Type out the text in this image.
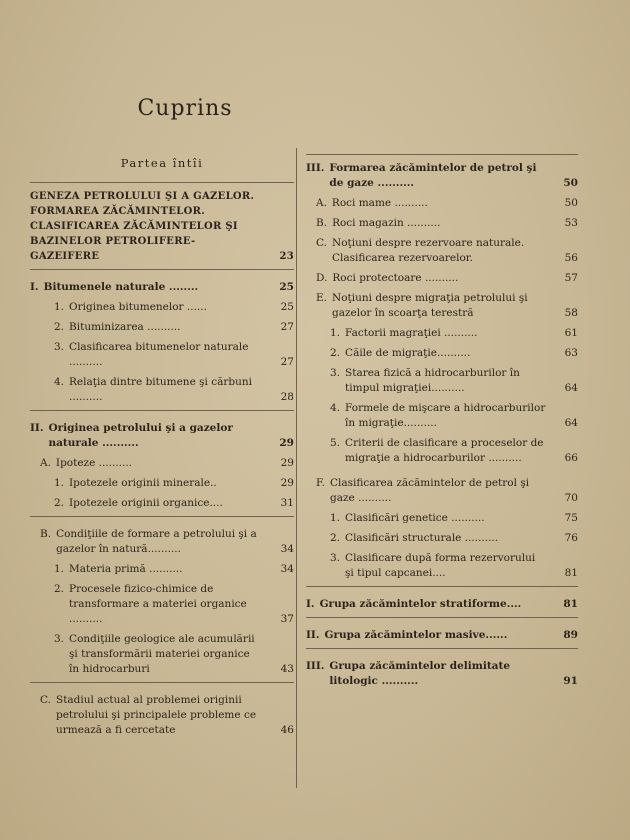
Cuprins
Partea întîi
GENEZA PETROLULUI ŞI A GAZELOR. FORMAREA ZĂCĂMINTELOR. CLASIFICAREA ZĂCĂMINTELOR ŞI BAZINELOR PETROLIFERE-GAZEIFERE	23
I. Bitumenele naturale ........	25
1. Originea bitumenelor ......	25
2. Bituminizarea ..........	27
3. Clasificarea bitumenelor naturale ..........	27
4. Relaţia dintre bitumene şi cărbuni ..........	28
II. Originea petrolului şi a gazelor naturale ..........	29
A. Ipoteze ..........	29
1. Ipotezele originii minerale..	29
2. Ipotezele originii organice....	31
B. Condiţiile de formare a petrolului şi a gazelor în natură..........	34
1. Materia primă ..........	34
2. Procesele fizico-chimice de transformare a materiei organice ..........	37
3. Condiţiile geologice ale acumulării şi transformării materiei organice în hidrocarburi	43
C. Stadiul actual al problemei originii petrolului şi principalele probleme ce urmează a fi cercetate	46
III. Formarea zăcămintelor de petrol şi de gaze ..........	50
A. Roci mame ..........	50
B. Roci magazin ..........	53
C. Noţiuni despre rezervoare naturale. Clasificarea rezervoarelor.	56
D. Roci protectoare ..........	57
E. Noţiuni despre migraţia petrolului şi gazelor în scoarţa terestră	58
1. Factorii magraţiei ..........	61
2. Căile de migraţie..........	63
3. Starea fizică a hidrocarburilor în timpul migraţiei..........	64
4. Formele de mişcare a hidrocarburilor în migraţie..........	64
5. Criterii de clasificare a proceselor de migraţie a hidrocarburilor ..........	66
F. Clasificarea zăcămintelor de petrol şi gaze ..........	70
1. Clasificări genetice ..........	75
2. Clasificări structurale ..........	76
3. Clasificare după forma rezervorului şi tipul capcanei....	81
I. Grupa zăcămintelor stratiforme....	81
II. Grupa zăcămintelor masive......	89
III. Grupa zăcămintelor delimitate litologic ..........	91
